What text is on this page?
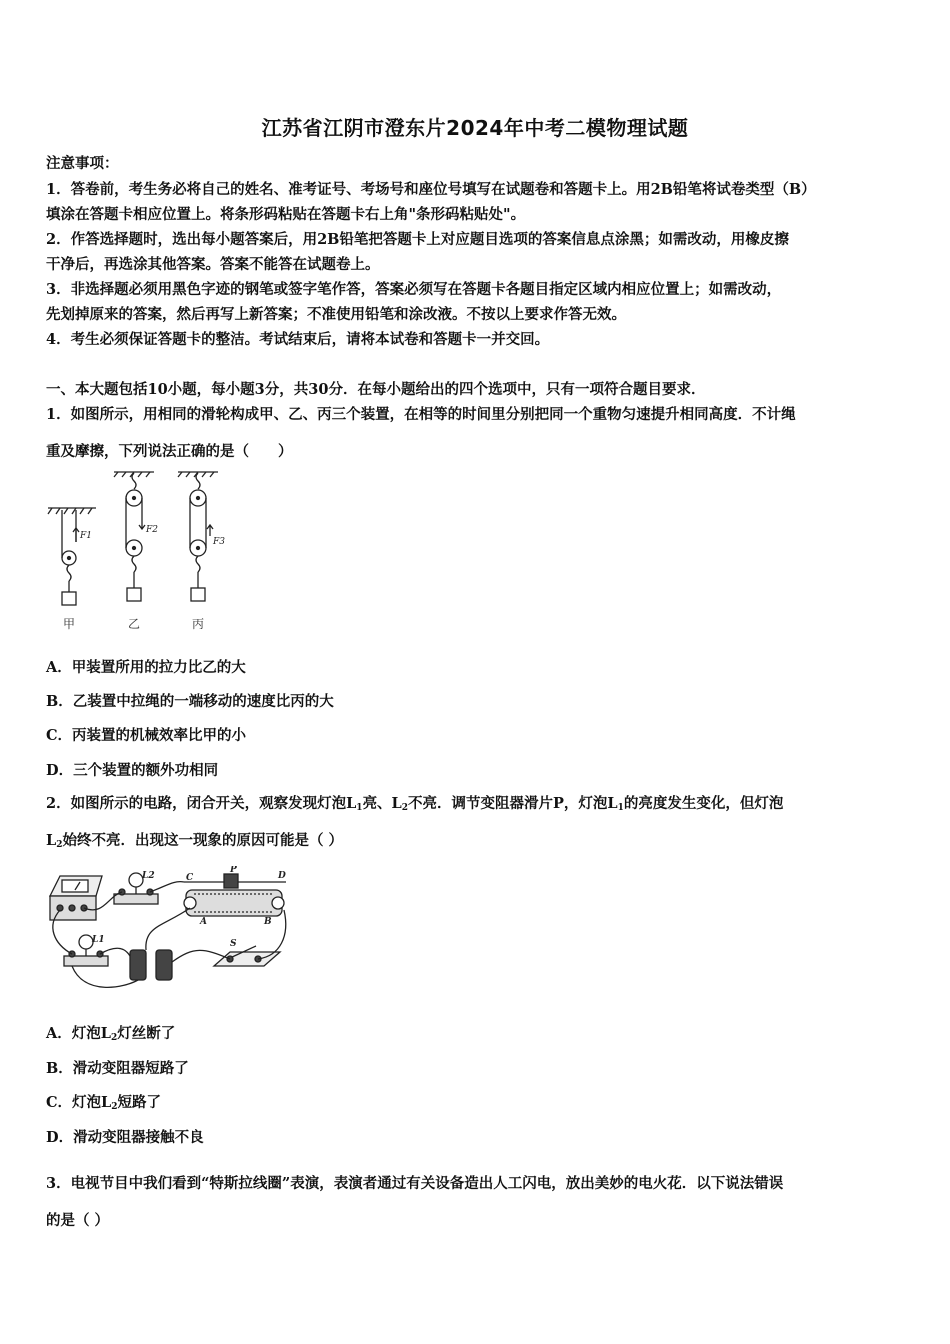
江苏省江阴市澄东片2024年中考二模物理试题
注意事项：
1．答卷前，考生务必将自己的姓名、准考证号、考场号和座位号填写在试题卷和答题卡上。用2B铅笔将试卷类型（B）
填涂在答题卡相应位置上。将条形码粘贴在答题卡右上角"条形码粘贴处"。
2．作答选择题时，选出每小题答案后，用2B铅笔把答题卡上对应题目选项的答案信息点涂黑；如需改动，用橡皮擦
干净后，再选涂其他答案。答案不能答在试题卷上。
3．非选择题必须用黑色字迹的钢笔或签字笔作答，答案必须写在答题卡各题目指定区域内相应位置上；如需改动，
先划掉原来的答案，然后再写上新答案；不准使用铅笔和涂改液。不按以上要求作答无效。
4．考生必须保证答题卡的整洁。考试结束后，请将本试卷和答题卡一并交回。
一、本大题包括10小题，每小题3分，共30分．在每小题给出的四个选项中，只有一项符合题目要求．
1．如图所示，用相同的滑轮构成甲、乙、丙三个装置，在相等的时间里分别把同一个重物匀速提升相同高度．不计绳
重及摩擦，下列说法正确的是（　　）
F1
F2
F3
甲	乙	丙
A．甲装置所用的拉力比乙的大
B．乙装置中拉绳的一端移动的速度比丙的大
C．丙装置的机械效率比甲的小
D．三个装置的额外功相同
2．如图所示的电路，闭合开关，观察发现灯泡$L_1$亮、$L_2$不亮．调节变阻器滑片P，灯泡$L_1$的亮度发生变化，但灯泡
$L_2$始终不亮．出现这一现象的原因可能是（ ）
L2	C
P
D
A	B
L1	S
A．灯泡$L_2$灯丝断了
B．滑动变阻器短路了
C．灯泡$L_2$短路了
D．滑动变阻器接触不良
3．电视节目中我们看到“特斯拉线圈”表演，表演者通过有关设备造出人工闪电，放出美妙的电火花．以下说法错误
的是（ ）
